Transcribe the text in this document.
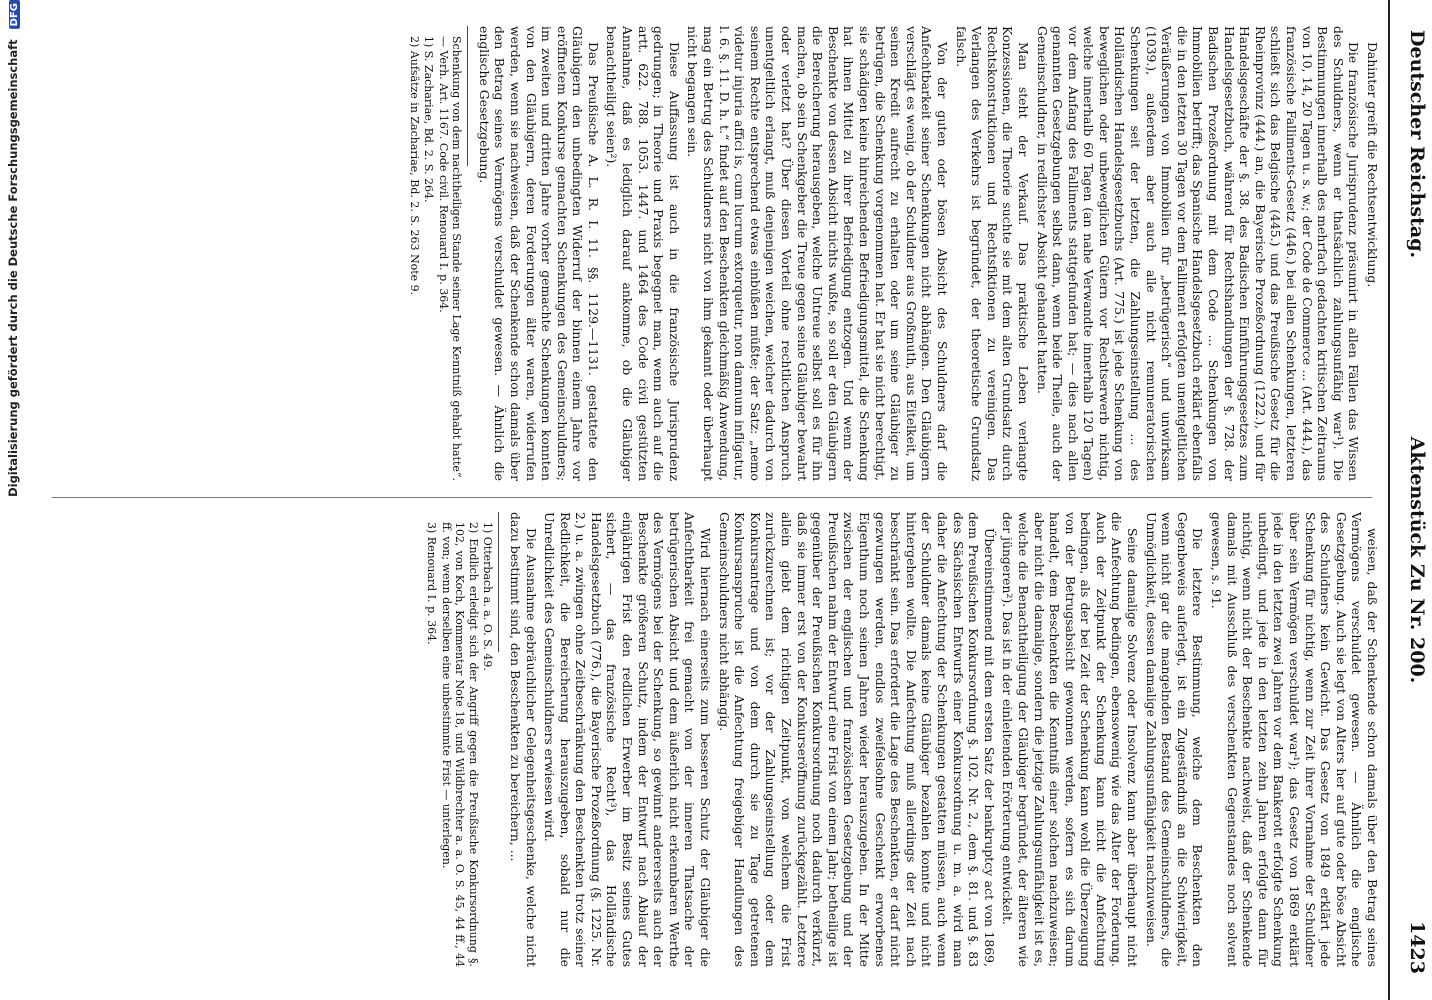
Deutscher Reichstag.
Aktenstück Zu Nr. 200.
1423

Dahinter greift die Rechtsentwicklung.

Die französische Jurisprudenz präsumirt in allen Fällen das Wissen des Schuldners, wenn er thatsächlich zahlungsunfähig war¹). Die Bestimmungen innerhalb des mehrfach gedachten kritischen Zeitraums von 10, 14, 20 Tagen u. s. w.; der Code de Commerce ... (Art. 444.), das französische Falliments-Gesetz (446.) bei allen Schenkungen, letzteren schließt sich das Belgische (445.) und das Preußische Gesetz für die Rheinprovinz (444.) an, die Bayerische Prozeßordnung (1222.), und für Handelsgeschäfte der §. 38. des Badischen Einführungsgesetzes zum Handelsgesetzbuch, während für Rechtshandlungen der §. 728. der Badischen Prozeßordnung mit dem Code ... Schenkungen von Immobilien betrifft; das Spanische Handelsgesetzbuch erklärt ebenfalls die in den letzten 30 Tagen vor dem Falliment erfolgten unentgeltlichen Veräußerungen von Immobilien für „betrügerisch“ und unwirksam (1039.), außerdem aber auch alle nicht remuneratorischen Schenkungen seit der letzten, die Zahlungseinstellung ... des Holländischen Handelsgesetzbuchs (Art. 775.) ist jede Schenkung von beweglichen oder unbeweglichen Gütern vor Rechtserwerb nichtig, welche innerhalb 60 Tagen (an nahe Verwandte innerhalb 120 Tagen) vor dem Anfang des Falliments stattgefunden hat; — dies nach allen genannten Gesetzgebungen selbst dann, wenn beide Theile, auch der Gemeinschuldner, in redlichster Absicht gehandelt hatten.

Man steht der Verkauf. Das praktische Leben verlangte Konzessionen, die Theorie suchte sie mit dem alten Grundsatz durch Rechtskonstruktionen und Rechtsfiktionen zu vereinigen. Das Verlangen des Verkehrs ist begründet, der theoretische Grundsatz falsch.

Von der guten oder bösen Absicht des Schuldners darf die Anfechtbarkeit seiner Schenkungen nicht abhängen. Den Gläubigern verschlägt es wenig, ob der Schuldner aus Großmuth, aus Eitelkeit, um seinen Kredit aufrecht zu erhalten oder um seine Gläubiger zu betrügen, die Schenkung vorgenommen hat. Er hat sie nicht berechtigt, sie schädigen keine hinreichenden Befriedigungsmittel, die Schenkung hat ihnen Mittel zu ihrer Befriedigung entzogen. Und wenn der Beschenkte von dessen Absicht nichts wußte, so soll er den Gläubigern die Bereicherung herausgeben, welche Untreue selbst soll es für ihn machen, ob sein Schenkgeber die Treue gegen seine Gläubiger bewahrt oder verletzt hat? Über diesen Vorteil ohne rechtlichen Anspruch unentgeltlich erlangt, muß denjenigen weichen, welcher dadurch von seinem Rechte entsprechend etwas einbüßen müßte; der Satz: „nemo videtur injuria affici is, cum lucrum extorquetur, non damnum infligatur, l. 6. §. 11. D. h. t.“ findet auf den Beschenkten gleichmäßig Anwendung, mag ein Betrug des Schuldners nicht von ihm gekannt oder überhaupt nicht begangen sein.

Diese Auffassung ist auch in die französische Jurisprudenz gedrungen; in Theorie und Praxis begegnet man, wenn auch auf die artt. 622. 788. 1053. 1447. und 1464 des Code civil gestützten Annahme, daß es lediglich darauf ankomme, ob die Gläubiger benachtheiligt seien²).

Das Preußische A. L. R. I. 11. §§. 1129.—1131. gestattete den Gläubigern den unbedingten Widerruf der binnen einem Jahre vor eröffnetem Konkurse gemachten Schenkungen des Gemeinschuldners; im zweiten und dritten Jahre vorher gemachte Schenkungen konnten von den Gläubigern, deren Forderungen älter waren, widerrufen werden, wenn sie nachweisen, daß der Schenkende schon damals über den Betrag seines Vermögens verschuldet gewesen. — Ähnlich die englische Gesetzgebung.

Schenkung von dem nachtheiligen Stande seiner Lage Kenntniß gehabt hatte“. — Verh. Art. 1167. Code civil. Renouard I. p. 364.
1) S. Zachariae, Bd. 2. S. 264.
2) Aufsätze in Zachariae, Bd. 2. S. 263 Note 9.

weisen, daß der Schenkende schon damals über den Betrag seines Vermögens verschuldet gewesen. — Ähnlich die englische Gesetzgebung. Auch sie legt von Alters her auf gute oder böse Absicht des Schuldners kein Gewicht. Das Gesetz von 1849 erklärt jede Schenkung für nichtig, wenn zur Zeit ihrer Vornahme der Schuldner über sein Vermögen verschuldet war¹); das Gesetz von 1869 erklärt jede in den letzten zwei Jahren vor dem Bankerott erfolgte Schenkung unbedingt, und jede in den letzten zehn Jahren erfolgte dann für nichtig, wenn nicht der Beschenkte nachweist, daß der Schenkende damals mit Ausschluß des verschenkten Gegenstandes noch solvent gewesen, s. 91.

Die letztere Bestimmung, welche dem Beschenkten den Gegenbeweis auferlegt, ist ein Zugeständniß an die Schwierigkeit, wenn nicht gar die mangelnden Bestand des Gemeinschuldners, die Unmöglichkeit, dessen damalige Zahlungsunfähigkeit nachzuweisen.

Seine damalige Solvenz oder Insolvenz kann aber überhaupt nicht die Anfechtung bedingen, ebensowenig wie das Alter der Forderung. Auch der Zeitpunkt der Schenkung kann nicht die Anfechtung bedingen, als der bei Zeit der Schenkung kann wohl die Überzeugung von der Betrugsabsicht gewonnen werden, sofern es sich darum handelt, dem Beschenkten die Kenntniß einer solchen nachzuweisen; aber nicht die damalige, sondern die jetzige Zahlungsunfähigkeit ist es, welche die Benachtheiligung der Gläubiger begründet, der älteren wie der jüngeren²). Das ist in der einleitenden Erörterung entwickelt.

Übereinstimmend mit dem ersten Satz der bankruptcy act von 1869, dem Preußischen Konkursordnung §. 102. Nr. 2., dem §. 81. und §. 83 des Sächsischen Entwurfs einer Konkursordnung u. m. a. wird man daher die Anfechtung der Schenkungen gestatten müssen, auch wenn der Schuldner damals keine Gläubiger bezahlen konnte und nicht hintergehen wollte. Die Anfechtung muß allerdings der Zeit nach beschränkt sein. Das erfordert die Lage des Beschenkten, er darf nicht gezwungen werden, endlos zweifelsohne Geschenkt erworbenes Eigenthum noch seinen Jahren wieder herauszugeben. In der Mitte zwischen der englischen und französischen Gesetzgebung und der Preußischen nahm der Entwurf eine Frist von einem Jahr; betheilige ist gegenüber der Preußischen Konkursordnung noch dadurch verkürzt, daß sie immer erst von der Konkurseröffnung zurückgezählt. Letztere allein giebt dem richtigen Zeitpunkt, von welchem die Frist zurückzurechnen ist; vor der Zahlungseinstellung oder dem Konkursantrage und von dem durch sie zu Tage getretenen Konkursanspruche ist die Anfechtung freigebiger Handlungen des Gemeinschuldners nicht abhängig.

Wird hiernach einerseits zum besseren Schutz der Gläubiger die Anfechtbarkeit frei gemacht von der inneren Thatsache der betrügerischen Absicht und dem äußerlich nicht erkennbaren Werthe des Vermögens bei der Schenkung, so gewinnt andererseits auch der Beschenkte größeren Schutz, indem der Entwurf nach Ablauf der einjährigen Frist den redlichen Erwerber im Besitz seines Gutes sichert, — das französische Recht³), das Holländische Handelsgesetzbuch (776.), die Bayerische Prozeßordnung (§. 1225. Nr. 2.) u. a. zwingen ohne Zeitbeschränkung den Beschenkten trotz seiner Redlichkeit, die Bereicherung herauszugeben, sobald nur die Unredlichkeit des Gemeinschuldners erwiesen wird.

Die Ausnahme gebräuchlicher Gelegenheitsgeschenke, welche nicht dazu bestimmt sind, den Beschenkten zu bereichern, ...

1) Otterbach a. a. O. S. 49.
2) Endlich erledigt sich der Angriff gegen die Preußische Konkursordnung §. 102, von Koch, Kommentar Note 18, und Wildbrechter a. a. O. S. 45, 44 ff., 44 ff. von; wenn derselben eine unbestimmte Frist — unterlegen.
3) Renouard I. p. 364.
Digitalisierung gefördert durch die Deutsche Forschungsgemeinschaft DFG
